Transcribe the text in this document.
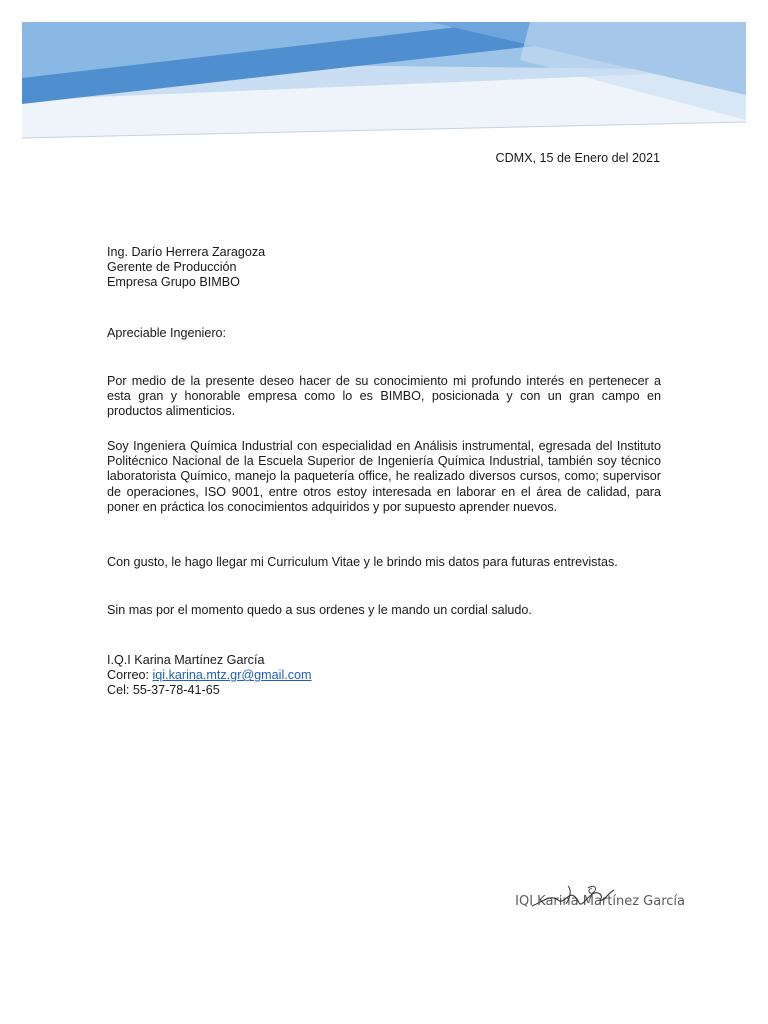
CDMX, 15 de Enero del 2021
Ing. Darío Herrera Zaragoza
Gerente de Producción
Empresa Grupo BIMBO
Apreciable Ingeniero:
Por medio de la presente deseo hacer de su conocimiento mi profundo interés en pertenecer a esta gran y honorable empresa como lo es BIMBO, posicionada y con un gran campo en productos alimenticios.
Soy Ingeniera Química Industrial con especialidad en Análisis instrumental, egresada del Instituto Politécnico Nacional de la Escuela Superior de Ingeniería Química Industrial, también soy técnico laboratorista Químico, manejo la paquetería office, he realizado diversos cursos, como; supervisor de operaciones, ISO 9001, entre otros estoy interesada en laborar en el área de calidad, para poner en práctica los conocimientos adquiridos y por supuesto aprender nuevos.
Con gusto, le hago llegar mi Curriculum Vitae y le brindo mis datos para futuras entrevistas.
Sin mas por el momento quedo a sus ordenes y le mando un cordial saludo.
I.Q.I Karina Martínez García
Correo: iqi.karina.mtz.gr@gmail.com
Cel: 55-37-78-41-65
IQI Karina Martínez García
